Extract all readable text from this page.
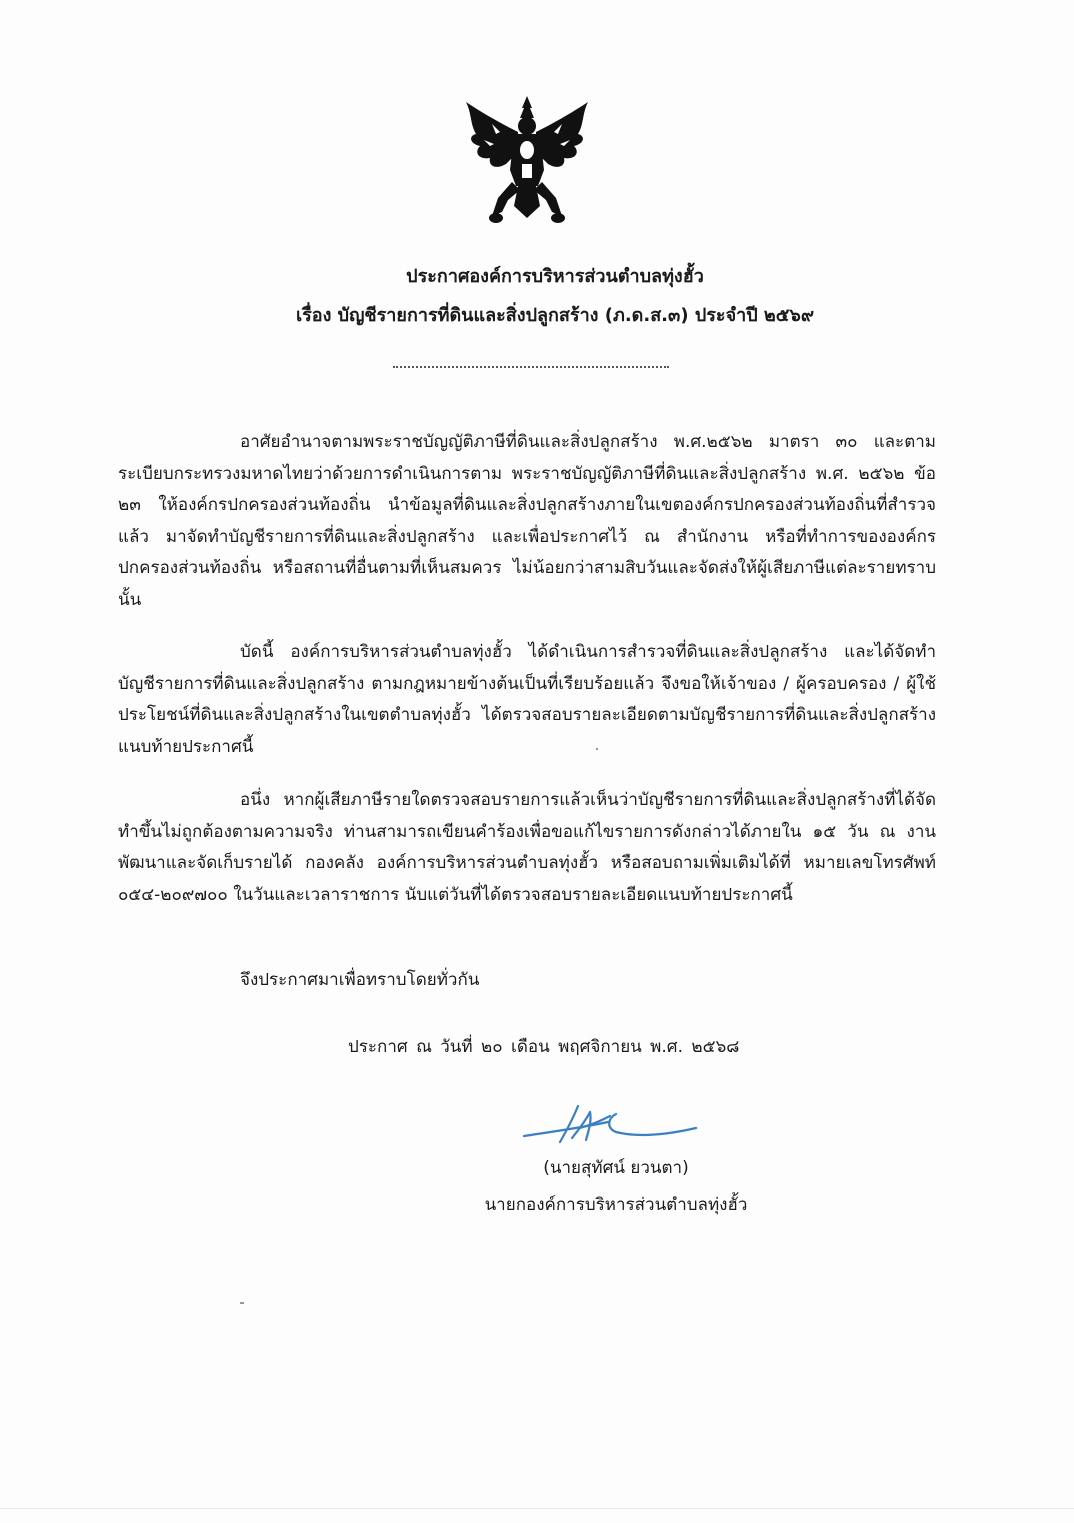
ประกาศองค์การบริหารส่วนตำบลทุ่งฮั้ว
เรื่อง บัญชีรายการที่ดินและสิ่งปลูกสร้าง (ภ.ด.ส.๓) ประจำปี ๒๕๖๙

อาศัยอำนาจตามพระราชบัญญัติภาษีที่ดินและสิ่งปลูกสร้าง พ.ศ.๒๕๖๒ มาตรา ๓๐ และตามระเบียบกระทรวงมหาดไทยว่าด้วยการดำเนินการตาม พระราชบัญญัติภาษีที่ดินและสิ่งปลูกสร้าง พ.ศ. ๒๕๖๒ ข้อ ๒๓ ให้องค์กรปกครองส่วนท้องถิ่น นำข้อมูลที่ดินและสิ่งปลูกสร้างภายในเขตองค์กรปกครองส่วนท้องถิ่นที่สำรวจแล้ว มาจัดทำบัญชีรายการที่ดินและสิ่งปลูกสร้าง และเพื่อประกาศไว้ ณ สำนักงาน หรือที่ทำการขององค์กรปกครองส่วนท้องถิ่น หรือสถานที่อื่นตามที่เห็นสมควร ไม่น้อยกว่าสามสิบวันและจัดส่งให้ผู้เสียภาษีแต่ละรายทราบ นั้น

บัดนี้ องค์การบริหารส่วนตำบลทุ่งฮั้ว ได้ดำเนินการสำรวจที่ดินและสิ่งปลูกสร้าง และได้จัดทำบัญชีรายการที่ดินและสิ่งปลูกสร้าง ตามกฎหมายข้างต้นเป็นที่เรียบร้อยแล้ว จึงขอให้เจ้าของ / ผู้ครอบครอง / ผู้ใช้ประโยชน์ที่ดินและสิ่งปลูกสร้างในเขตตำบลทุ่งฮั้ว ได้ตรวจสอบรายละเอียดตามบัญชีรายการที่ดินและสิ่งปลูกสร้าง แนบท้ายประกาศนี้

อนึ่ง หากผู้เสียภาษีรายใดตรวจสอบรายการแล้วเห็นว่าบัญชีรายการที่ดินและสิ่งปลูกสร้างที่ได้จัดทำขึ้นไม่ถูกต้องตามความจริง ท่านสามารถเขียนคำร้องเพื่อขอแก้ไขรายการดังกล่าวได้ภายใน ๑๕ วัน ณ งานพัฒนาและจัดเก็บรายได้ กองคลัง องค์การบริหารส่วนตำบลทุ่งฮั้ว หรือสอบถามเพิ่มเติมได้ที่ หมายเลขโทรศัพท์ ๐๕๔-๒๐๙๗๐๐ ในวันและเวลาราชการ นับแต่วันที่ได้ตรวจสอบรายละเอียดแนบท้ายประกาศนี้

จึงประกาศมาเพื่อทราบโดยทั่วกัน
ประกาศ ณ วันที่ ๒๐ เดือน พฤศจิกายน พ.ศ. ๒๕๖๘
(นายสุทัศน์ ยวนตา)
นายกองค์การบริหารส่วนตำบลทุ่งฮั้ว
